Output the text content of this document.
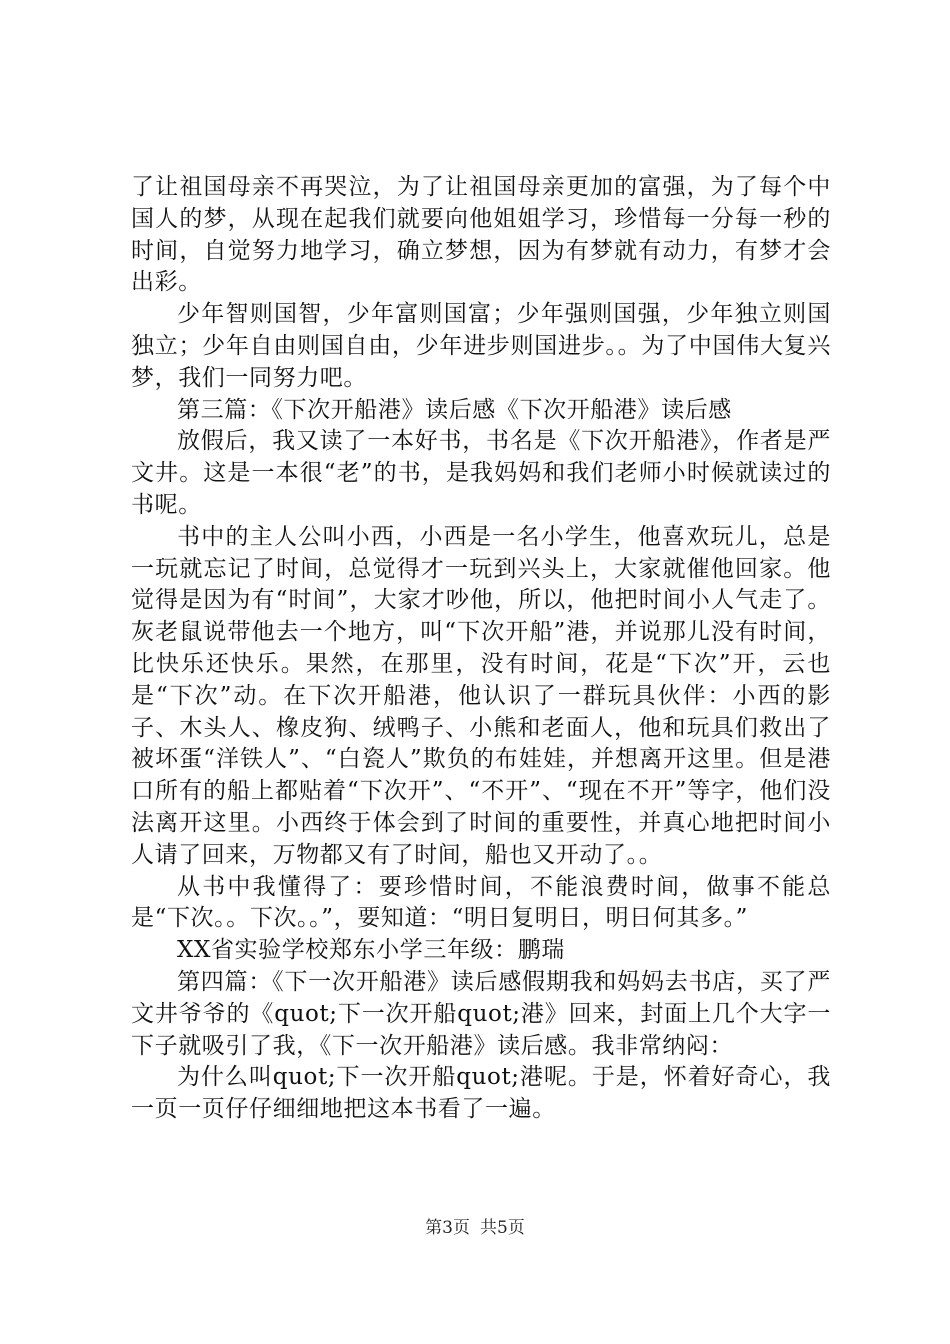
了让祖国母亲不再哭泣，为了让祖国母亲更加的富强，为了每个中国人的梦，从现在起我们就要向他姐姐学习，珍惜每一分每一秒的时间，自觉努力地学习，确立梦想，因为有梦就有动力，有梦才会出彩。

少年智则国智，少年富则国富；少年强则国强，少年独立则国独立；少年自由则国自由，少年进步则国进步。。为了中国伟大复兴梦，我们一同努力吧。

第三篇：《下次开船港》读后感《下次开船港》读后感

放假后，我又读了一本好书，书名是《下次开船港》，作者是严文井。这是一本很“老”的书，是我妈妈和我们老师小时候就读过的书呢。

书中的主人公叫小西，小西是一名小学生，他喜欢玩儿，总是一玩就忘记了时间，总觉得才一玩到兴头上，大家就催他回家。他觉得是因为有“时间”，大家才吵他，所以，他把时间小人气走了。灰老鼠说带他去一个地方，叫“下次开船”港，并说那儿没有时间，比快乐还快乐。果然，在那里，没有时间，花是“下次”开，云也是“下次”动。在下次开船港，他认识了一群玩具伙伴：小西的影子、木头人、橡皮狗、绒鸭子、小熊和老面人，他和玩具们救出了被坏蛋“洋铁人”、“白瓷人”欺负的布娃娃，并想离开这里。但是港口所有的船上都贴着“下次开”、“不开”、“现在不开”等字，他们没法离开这里。小西终于体会到了时间的重要性，并真心地把时间小人请了回来，万物都又有了时间，船也又开动了。。

从书中我懂得了：要珍惜时间，不能浪费时间，做事不能总是“下次。。下次。。”，要知道：“明日复明日，明日何其多。”

XX省实验学校郑东小学三年级：鹏瑞

第四篇：《下一次开船港》读后感假期我和妈妈去书店，买了严文井爷爷的《quot;下一次开船quot;港》回来，封面上几个大字一下子就吸引了我，《下一次开船港》读后感。我非常纳闷：

为什么叫quot;下一次开船quot;港呢。于是，怀着好奇心，我一页一页仔仔细细地把这本书看了一遍。

第3页 共5页
